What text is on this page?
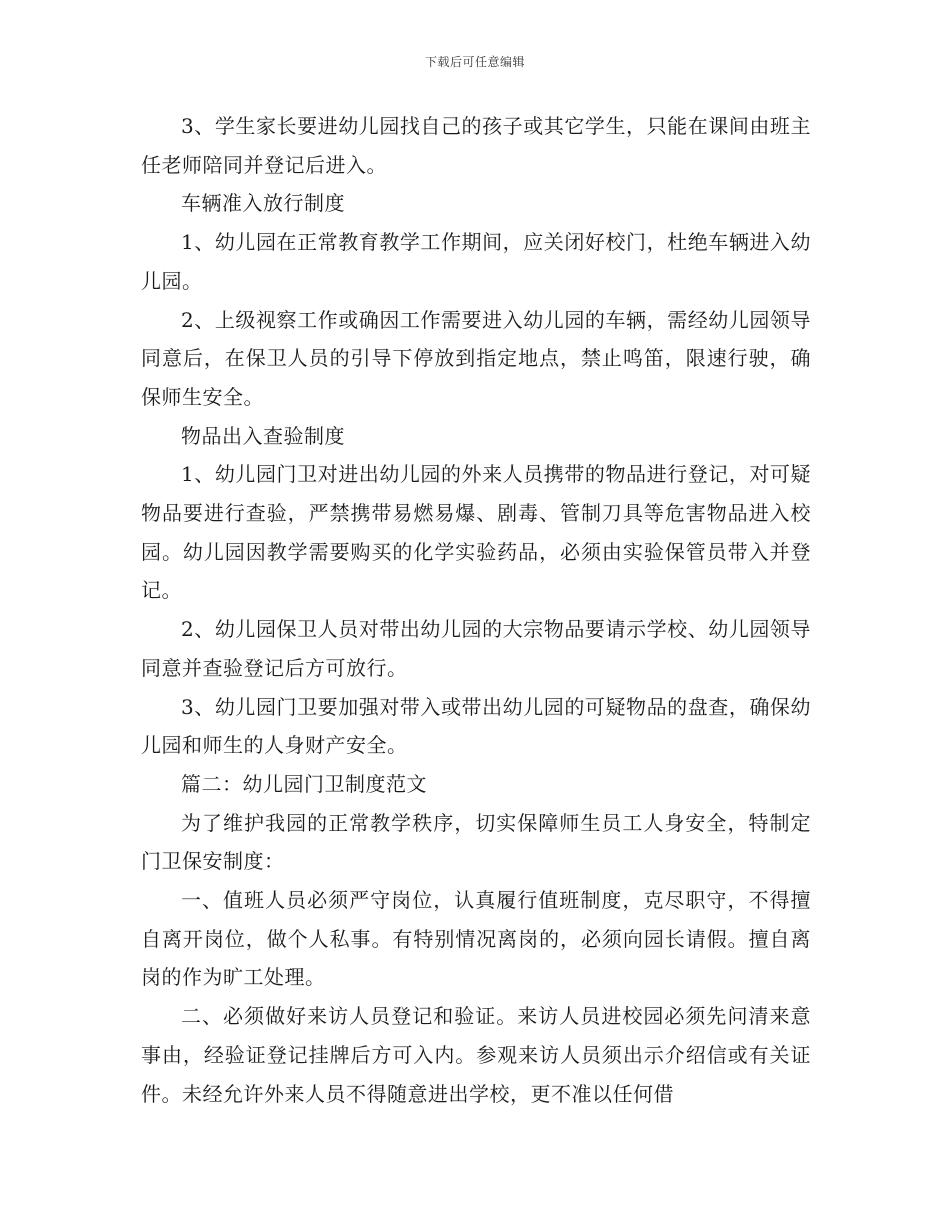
下载后可任意编辑

3、学生家长要进幼儿园找自己的孩子或其它学生，只能在课间由班主任老师陪同并登记后进入。

车辆准入放行制度

1、幼儿园在正常教育教学工作期间，应关闭好校门，杜绝车辆进入幼儿园。

2、上级视察工作或确因工作需要进入幼儿园的车辆，需经幼儿园领导同意后，在保卫人员的引导下停放到指定地点，禁止鸣笛，限速行驶，确保师生安全。

物品出入查验制度

1、幼儿园门卫对进出幼儿园的外来人员携带的物品进行登记，对可疑物品要进行查验，严禁携带易燃易爆、剧毒、管制刀具等危害物品进入校园。幼儿园因教学需要购买的化学实验药品，必须由实验保管员带入并登记。

2、幼儿园保卫人员对带出幼儿园的大宗物品要请示学校、幼儿园领导同意并查验登记后方可放行。

3、幼儿园门卫要加强对带入或带出幼儿园的可疑物品的盘查，确保幼儿园和师生的人身财产安全。

篇二：幼儿园门卫制度范文

为了维护我园的正常教学秩序，切实保障师生员工人身安全，特制定门卫保安制度：

一、值班人员必须严守岗位，认真履行值班制度，克尽职守，不得擅自离开岗位，做个人私事。有特别情况离岗的，必须向园长请假。擅自离岗的作为旷工处理。

二、必须做好来访人员登记和验证。来访人员进校园必须先问清来意事由，经验证登记挂牌后方可入内。参观来访人员须出示介绍信或有关证件。未经允许外来人员不得随意进出学校，更不准以任何借
